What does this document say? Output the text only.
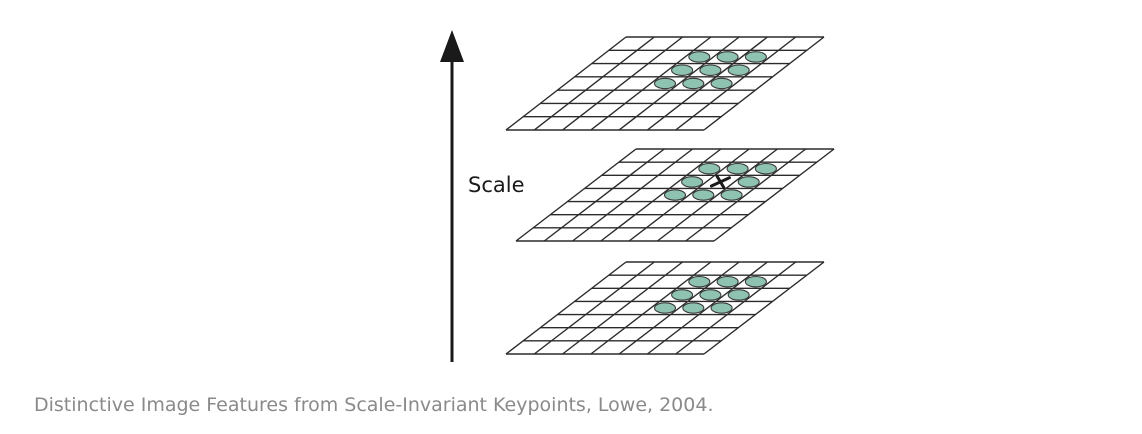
Scale
Distinctive Image Features from Scale-Invariant Keypoints, Lowe, 2004.
